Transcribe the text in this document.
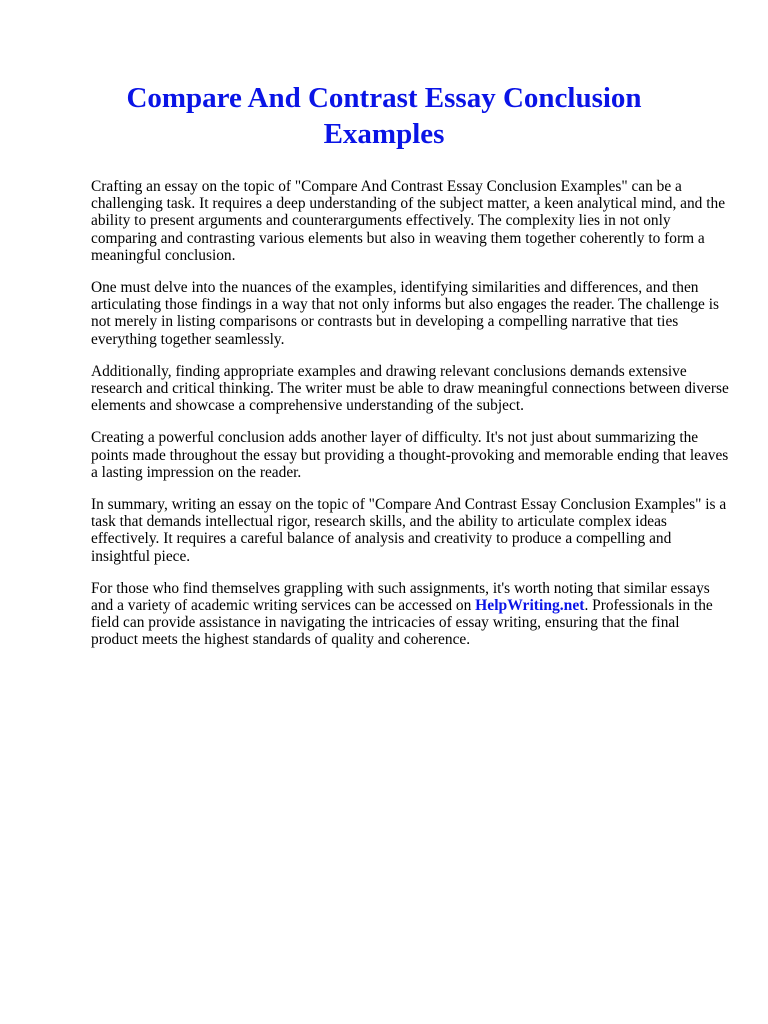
Compare And Contrast Essay Conclusion Examples

Crafting an essay on the topic of "Compare And Contrast Essay Conclusion Examples" can be a challenging task. It requires a deep understanding of the subject matter, a keen analytical mind, and the ability to present arguments and counterarguments effectively. The complexity lies in not only comparing and contrasting various elements but also in weaving them together coherently to form a meaningful conclusion.

One must delve into the nuances of the examples, identifying similarities and differences, and then articulating those findings in a way that not only informs but also engages the reader. The challenge is not merely in listing comparisons or contrasts but in developing a compelling narrative that ties everything together seamlessly.

Additionally, finding appropriate examples and drawing relevant conclusions demands extensive research and critical thinking. The writer must be able to draw meaningful connections between diverse elements and showcase a comprehensive understanding of the subject.

Creating a powerful conclusion adds another layer of difficulty. It's not just about summarizing the points made throughout the essay but providing a thought-provoking and memorable ending that leaves a lasting impression on the reader.

In summary, writing an essay on the topic of "Compare And Contrast Essay Conclusion Examples" is a task that demands intellectual rigor, research skills, and the ability to articulate complex ideas effectively. It requires a careful balance of analysis and creativity to produce a compelling and insightful piece.

For those who find themselves grappling with such assignments, it's worth noting that similar essays and a variety of academic writing services can be accessed on HelpWriting.net. Professionals in the field can provide assistance in navigating the intricacies of essay writing, ensuring that the final product meets the highest standards of quality and coherence.
